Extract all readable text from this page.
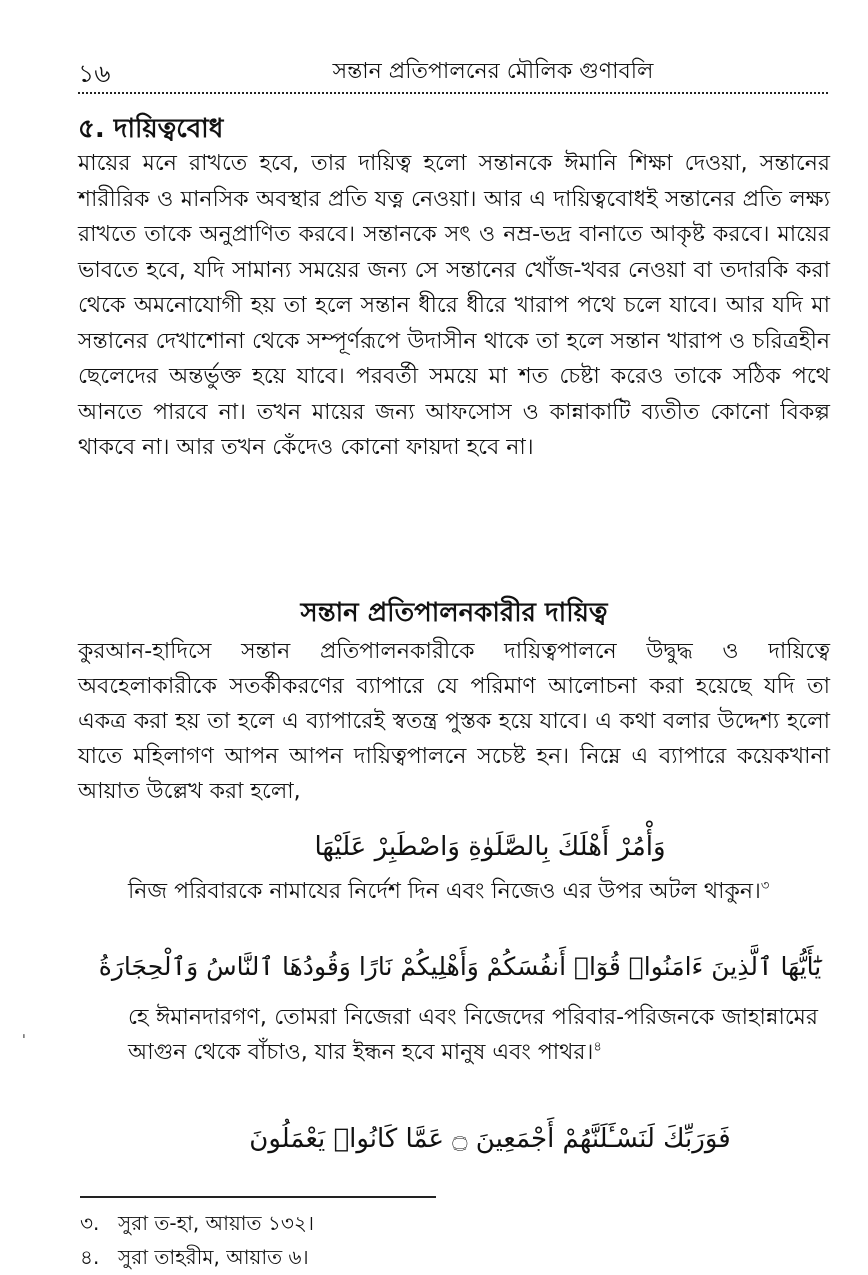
১৬	সন্তান প্রতিপালনের মৌলিক গুণাবলি
৫. দায়িত্ববোধ
মায়ের মনে রাখতে হবে, তার দায়িত্ব হলো সন্তানকে ঈমানি শিক্ষা দেওয়া, সন্তানের শারীরিক ও মানসিক অবস্থার প্রতি যত্ন নেওয়া। আর এ দায়িত্ববোধই সন্তানের প্রতি লক্ষ্য রাখতে তাকে অনুপ্রাণিত করবে। সন্তানকে সৎ ও নম্র-ভদ্র বানাতে আকৃষ্ট করবে। মায়ের ভাবতে হবে, যদি সামান্য সময়ের জন্য সে সন্তানের খোঁজ-খবর নেওয়া বা তদারকি করা থেকে অমনোযোগী হয় তা হলে সন্তান ধীরে ধীরে খারাপ পথে চলে যাবে। আর যদি মা সন্তানের দেখাশোনা থেকে সম্পূর্ণরূপে উদাসীন থাকে তা হলে সন্তান খারাপ ও চরিত্রহীন ছেলেদের অন্তর্ভুক্ত হয়ে যাবে। পরবর্তী সময়ে মা শত চেষ্টা করেও তাকে সঠিক পথে আনতে পারবে না। তখন মায়ের জন্য আফসোস ও কান্নাকাটি ব্যতীত কোনো বিকল্প থাকবে না। আর তখন কেঁদেও কোনো ফায়দা হবে না।
সন্তান প্রতিপালনকারীর দায়িত্ব
কুরআন-হাদিসে সন্তান প্রতিপালনকারীকে দায়িত্বপালনে উদ্বুদ্ধ ও দায়িত্বে অবহেলাকারীকে সতর্কীকরণের ব্যাপারে যে পরিমাণ আলোচনা করা হয়েছে যদি তা একত্র করা হয় তা হলে এ ব্যাপারেই স্বতন্ত্র পুস্তক হয়ে যাবে। এ কথা বলার উদ্দেশ্য হলো যাতে মহিলাগণ আপন আপন দায়িত্বপালনে সচেষ্ট হন। নিম্নে এ ব্যাপারে কয়েকখানা আয়াত উল্লেখ করা হলো,
وَأْمُرْ أَهْلَكَ بِالصَّلَوٰةِ وَاصْطَبِرْ عَلَيْهَا
নিজ পরিবারকে নামাযের নির্দেশ দিন এবং নিজেও এর উপর অটল থাকুন।$^৩$
يَٰٓأَيُّهَا ٱلَّذِينَ ءَامَنُوا۟ قُوٓا۟ أَنفُسَكُمْ وَأَهْلِيكُمْ نَارًا وَقُودُهَا ٱلنَّاسُ وَٱلْحِجَارَةُ
হে ঈমানদারগণ, তোমরা নিজেরা এবং নিজেদের পরিবার-পরিজনকে জাহান্নামের আগুন থেকে বাঁচাও, যার ইন্ধন হবে মানুষ এবং পাথর।$^৪$
فَوَرَبِّكَ لَنَسْـَٔلَنَّهُمْ أَجْمَعِينَ ۝ عَمَّا كَانُوا۟ يَعْمَلُونَ
৩. সুরা ত-হা, আয়াত ১৩২।
৪. সুরা তাহরীম, আয়াত ৬।
ˌ
